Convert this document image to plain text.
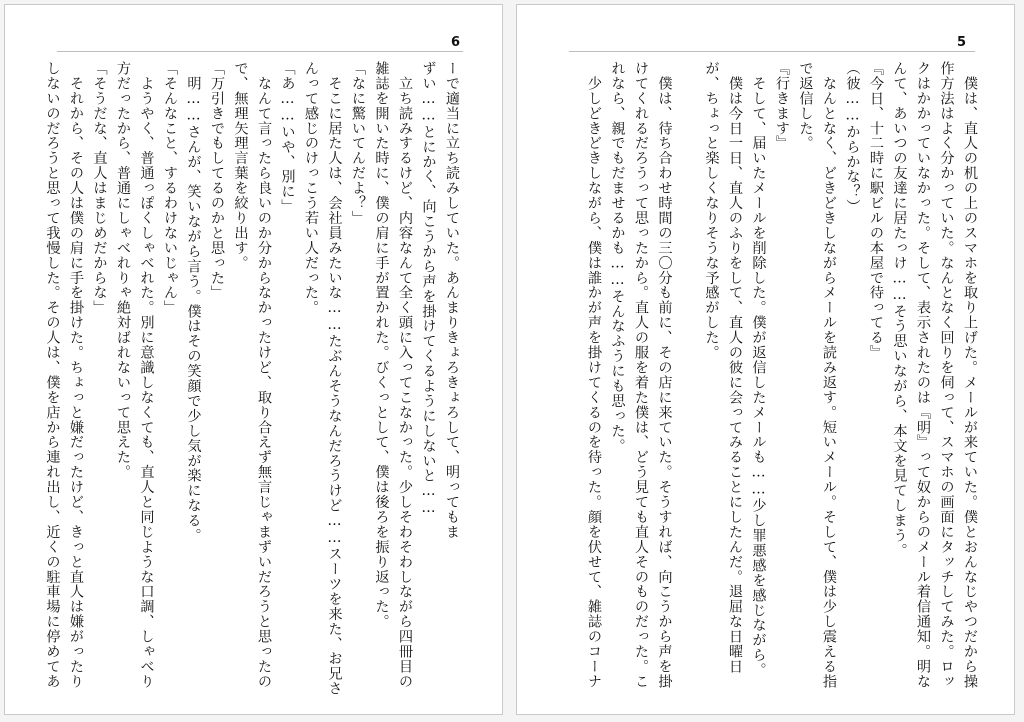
6
ーで適当に立ち読みしていた。あんまりきょろきょろして、明ってもま
ずい……とにかく、向こうから声を掛けてくるようにしないと……
　立ち読みするけど、内容なんて全く頭に入ってこなかった。少しそわそわしながら四冊目の
雑誌を開いた時に、僕の肩に手が置かれた。びくっとして、僕は後ろを振り返った。
「なに驚いてんだよ？」
　そこに居た人は、会社員みたいな……たぶんそうなんだろうけど……スーツを来た、お兄さ
んって感じのけっこう若い人だった。
「あ……いや、別に」
　なんて言ったら良いのか分からなかったけど、取り合えず無言じゃまずいだろうと思ったの
で、無理矢理言葉を絞り出す。
「万引きでもしてるのかと思った」
　明……さんが、笑いながら言う。僕はその笑顔で少し気が楽になる。
「そんなこと、するわけないじゃん」
　ようやく、普通っぽくしゃべれた。別に意識しなくても、直人と同じような口調、しゃべり
方だったから、普通にしゃべれりゃ絶対ばれないって思えた。
「そうだな、直人はまじめだからな」
　それから、その人は僕の肩に手を掛けた。ちょっと嫌だったけど、きっと直人は嫌がったり
しないのだろうと思って我慢した。その人は、僕を店から連れ出し、近くの駐車場に停めてあ
5
　僕は、直人の机の上のスマホを取り上げた。メールが来ていた。僕とおんなじやつだから操
作方法はよく分かっていた。なんとなく回りを伺って、スマホの画面にタッチしてみた。ロッ
クはかかっていなかった。そして、表示されたのは『明』って奴からのメール着信通知。明な
んて、あいつの友達に居たっけ……そう思いながら、本文を見てしまう。
『今日、十二時に駅ビルの本屋で待ってる』
（彼……からかな？）
　なんとなく、どきどきしながらメールを読み返す。短いメール。そして、僕は少し震える指
で返信した。
『行きます』
　そして、届いたメールを削除した。僕が返信したメールも……少し罪悪感を感じながら。
　僕は今日一日、直人のふりをして、直人の彼に会ってみることにしたんだ。退屈な日曜日
が、ちょっと楽しくなりそうな予感がした。

　僕は、待ち合わせ時間の三〇分も前に、その店に来ていた。そうすれば、向こうから声を掛
けてくれるだろうって思ったから。直人の服を着た僕は、どう見ても直人そのものだった。こ
れなら、親でもだませるかも……そんなふうにも思った。
　少しどきどきしながら、僕は誰かが声を掛けてくるのを待った。顔を伏せて、雑誌のコーナ
